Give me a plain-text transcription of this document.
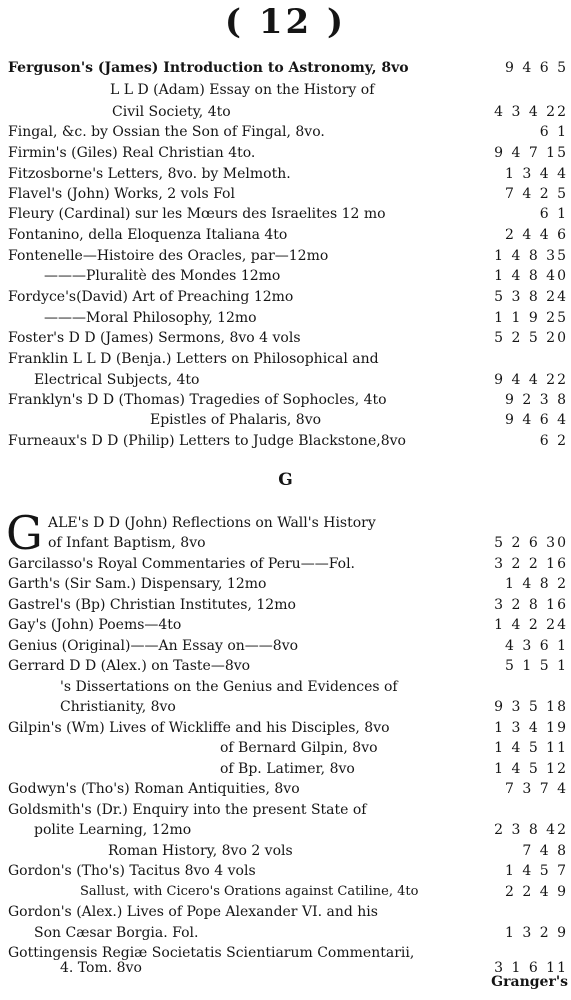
( 12 )
Ferguson's (James) Introduction to Astronomy, 8vo	9 4 6 5
L L D (Adam) Essay on the History of
Civil Society, 4to	4 3 4 22
Fingal, &c. by Ossian the Son of Fingal, 8vo.	6 1
Firmin's (Giles) Real Christian 4to.	9 4 7 15
Fitzosborne's Letters, 8vo. by Melmoth.	1 3 4 4
Flavel's (John) Works, 2 vols Fol	7 4 2 5
Fleury (Cardinal) sur les Mœurs des Israelites 12 mo	6 1
Fontanino, della Eloquenza Italiana 4to	2 4 4 6
Fontenelle—Histoire des Oracles, par—12mo	1 4 8 35
———Pluralitè des Mondes 12mo	1 4 8 40
Fordyce's(David) Art of Preaching 12mo	5 3 8 24
———Moral Philosophy, 12mo	1 1 9 25
Foster's D D (James) Sermons, 8vo 4 vols	5 2 5 20
Franklin L L D (Benja.) Letters on Philosophical and
Electrical Subjects, 4to	9 4 4 22
Franklyn's D D (Thomas) Tragedies of Sophocles, 4to	9 2 3 8
Epistles of Phalaris, 8vo	9 4 6 4
Furneaux's D D (Philip) Letters to Judge Blackstone,8vo	6 2
G
G ALE's D D (John) Reflections on Wall's History
of Infant Baptism, 8vo	5 2 6 30
Garcilasso's Royal Commentaries of Peru——Fol.	3 2 2 16
Garth's (Sir Sam.) Dispensary, 12mo	1 4 8 2
Gastrel's (Bp) Christian Institutes, 12mo	3 2 8 16
Gay's (John) Poems—4to	1 4 2 24
Genius (Original)——An Essay on——8vo	4 3 6 1
Gerrard D D (Alex.) on Taste—8vo	5 1 5 1
's Dissertations on the Genius and Evidences of
Christianity, 8vo	9 3 5 18
Gilpin's (Wm) Lives of Wickliffe and his Disciples, 8vo	1 3 4 19
of Bernard Gilpin, 8vo	1 4 5 11
of Bp. Latimer, 8vo	1 4 5 12
Godwyn's (Tho's) Roman Antiquities, 8vo	7 3 7 4
Goldsmith's (Dr.) Enquiry into the present State of
polite Learning, 12mo	2 3 8 42
Roman History, 8vo 2 vols	7 4 8
Gordon's (Tho's) Tacitus 8vo 4 vols	1 4 5 7
Sallust, with Cicero's Orations against Catiline, 4to	2 2 4 9
Gordon's (Alex.) Lives of Pope Alexander VI. and his
Son Cæsar Borgia. Fol.	1 3 2 9
Gottingensis Regiæ Societatis Scientiarum Commentarii,
4. Tom. 8vo	3 1 6 11
Granger's
